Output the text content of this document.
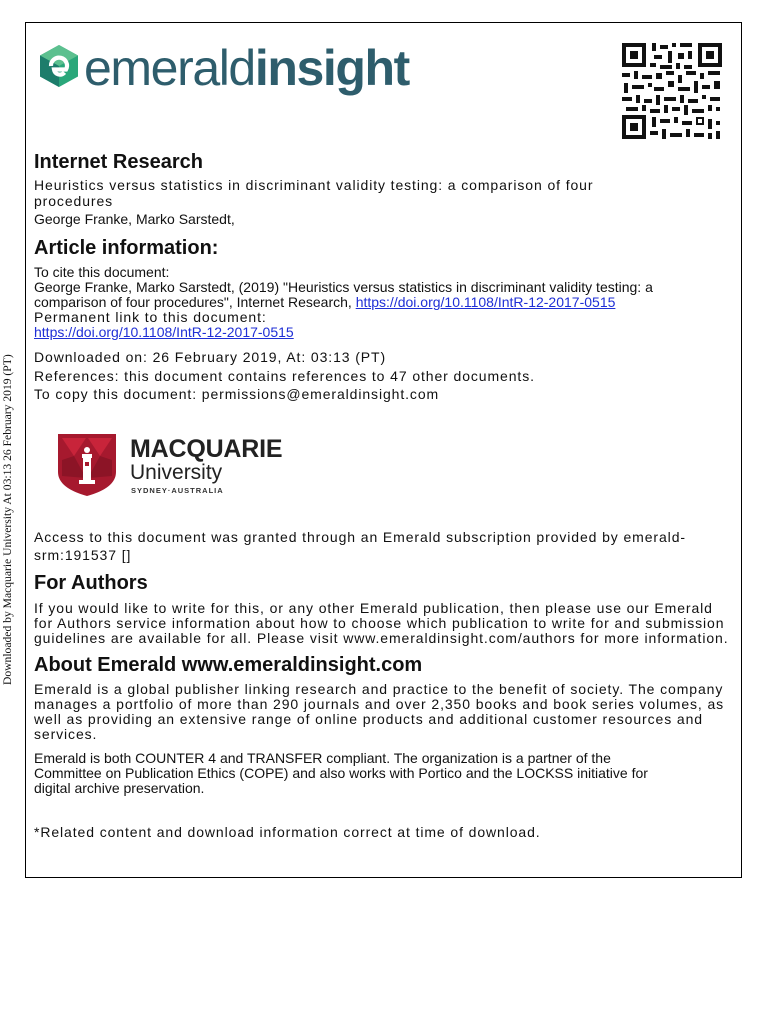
Downloaded by Macquarie University At 03:13 26 February 2019 (PT)
emeraldinsight
Internet Research
Heuristics versus statistics in discriminant validity testing: a comparison of four
procedures
George Franke, Marko Sarstedt,
Article information:
To cite this document:
George Franke, Marko Sarstedt, (2019) "Heuristics versus statistics in discriminant validity testing: a
comparison of four procedures", Internet Research, https://doi.org/10.1108/IntR-12-2017-0515
Permanent link to this document:
https://doi.org/10.1108/IntR-12-2017-0515
Downloaded on: 26 February 2019, At: 03:13 (PT)
References: this document contains references to 47 other documents.
To copy this document: permissions@emeraldinsight.com
MACQUARIE
University
SYDNEY·AUSTRALIA
Access to this document was granted through an Emerald subscription provided by emerald-
srm:191537 []
For Authors
If you would like to write for this, or any other Emerald publication, then please use our Emerald
for Authors service information about how to choose which publication to write for and submission
guidelines are available for all. Please visit www.emeraldinsight.com/authors for more information.
About Emerald www.emeraldinsight.com
Emerald is a global publisher linking research and practice to the benefit of society. The company
manages a portfolio of more than 290 journals and over 2,350 books and book series volumes, as
well as providing an extensive range of online products and additional customer resources and
services.
Emerald is both COUNTER 4 and TRANSFER compliant. The organization is a partner of the
Committee on Publication Ethics (COPE) and also works with Portico and the LOCKSS initiative for
digital archive preservation.
*Related content and download information correct at time of download.
